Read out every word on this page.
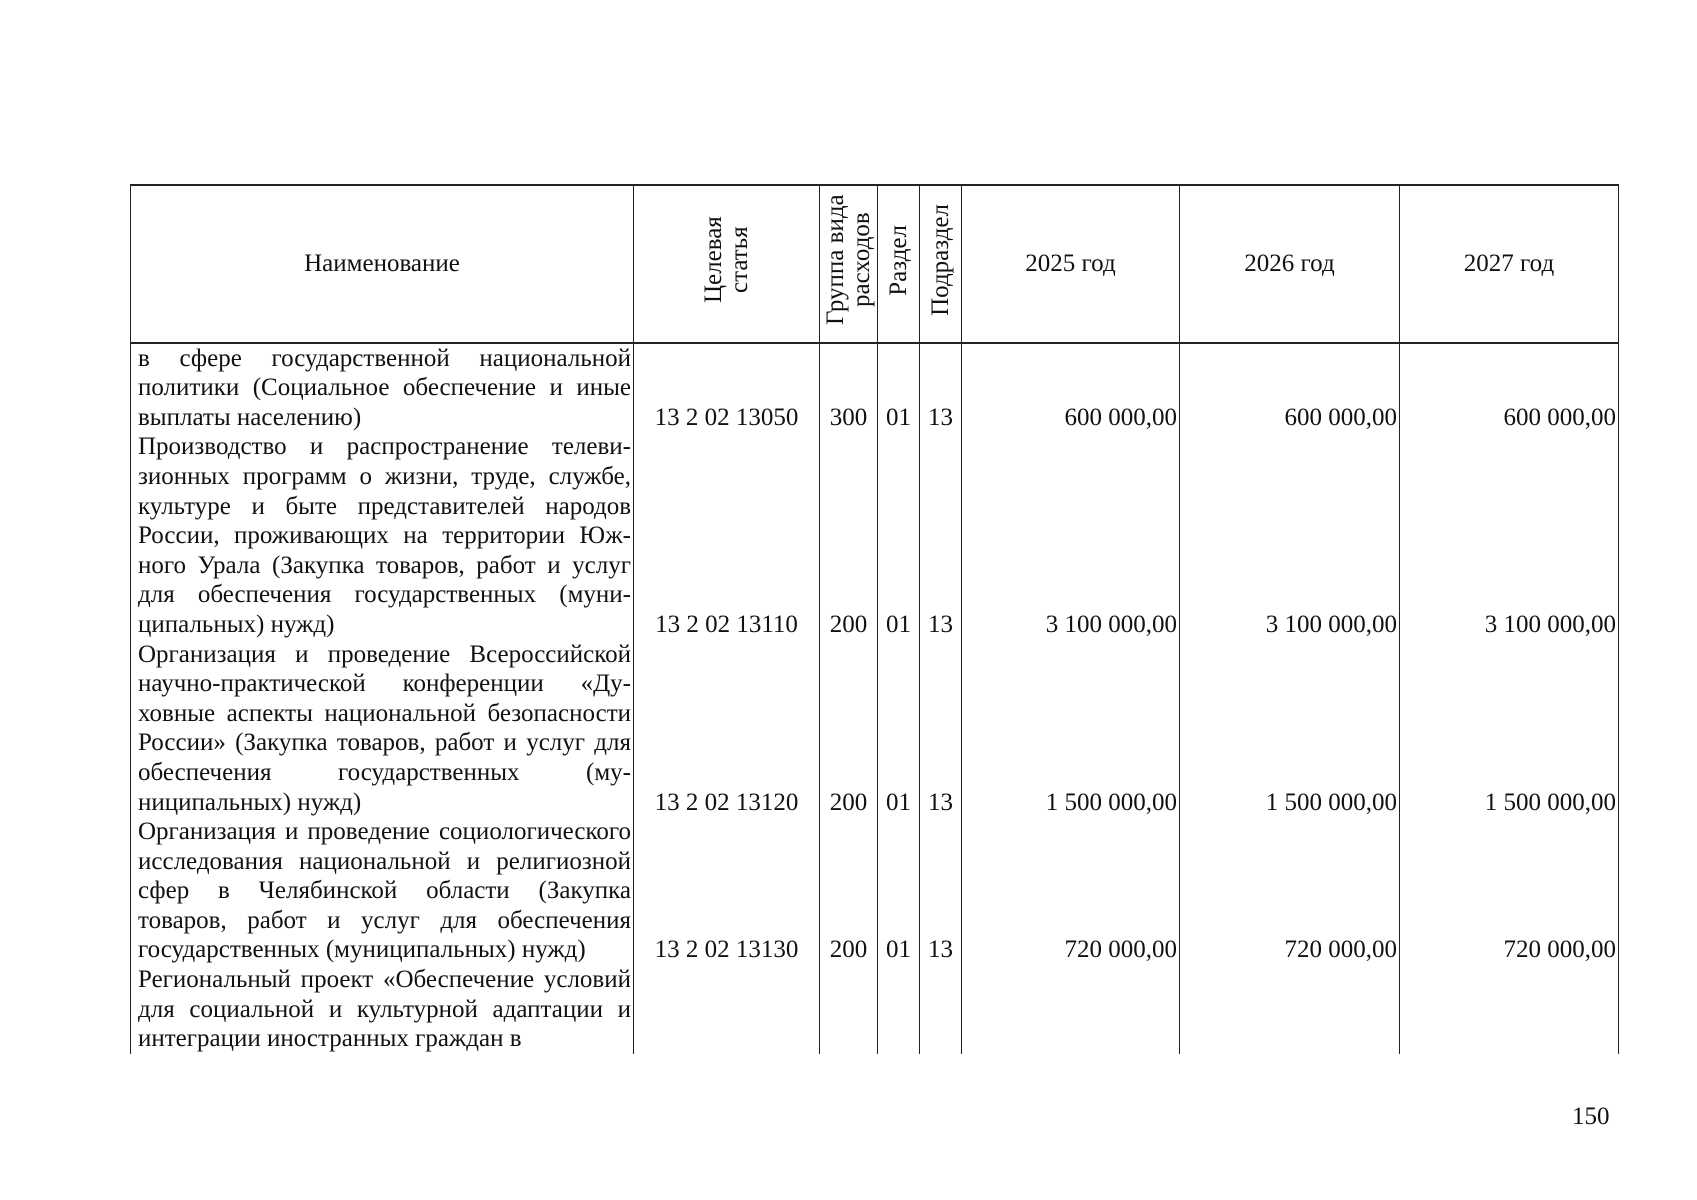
Наименование	Целевая статья	Группа вида расходов	Раздел	Подраздел	2025 год	2026 год	2027 год
в сфере государственной национальной политики (Социальное обеспечение и иные выплаты населению)	13 2 02 13050	300	01	13	600 000,00	600 000,00	600 000,00
Производство и распространение телевизионных программ о жизни, труде, службе, культуре и быте представителей народов России, проживающих на территории Южного Урала (Закупка товаров, работ и услуг для обеспечения государственных (муниципальных) нужд)	13 2 02 13110	200	01	13	3 100 000,00	3 100 000,00	3 100 000,00
Организация и проведение Всероссийской научно-практической конференции «Духовные аспекты национальной безопасности России» (Закупка товаров, работ и услуг для обеспечения государственных (муниципальных) нужд)	13 2 02 13120	200	01	13	1 500 000,00	1 500 000,00	1 500 000,00
Организация и проведение социологического исследования национальной и религиозной сфер в Челябинской области (Закупка товаров, работ и услуг для обеспечения государственных (муниципальных) нужд)	13 2 02 13130	200	01	13	720 000,00	720 000,00	720 000,00
Региональный проект «Обеспечение условий для социальной и культурной адаптации и интеграции иностранных граждан в							
150
